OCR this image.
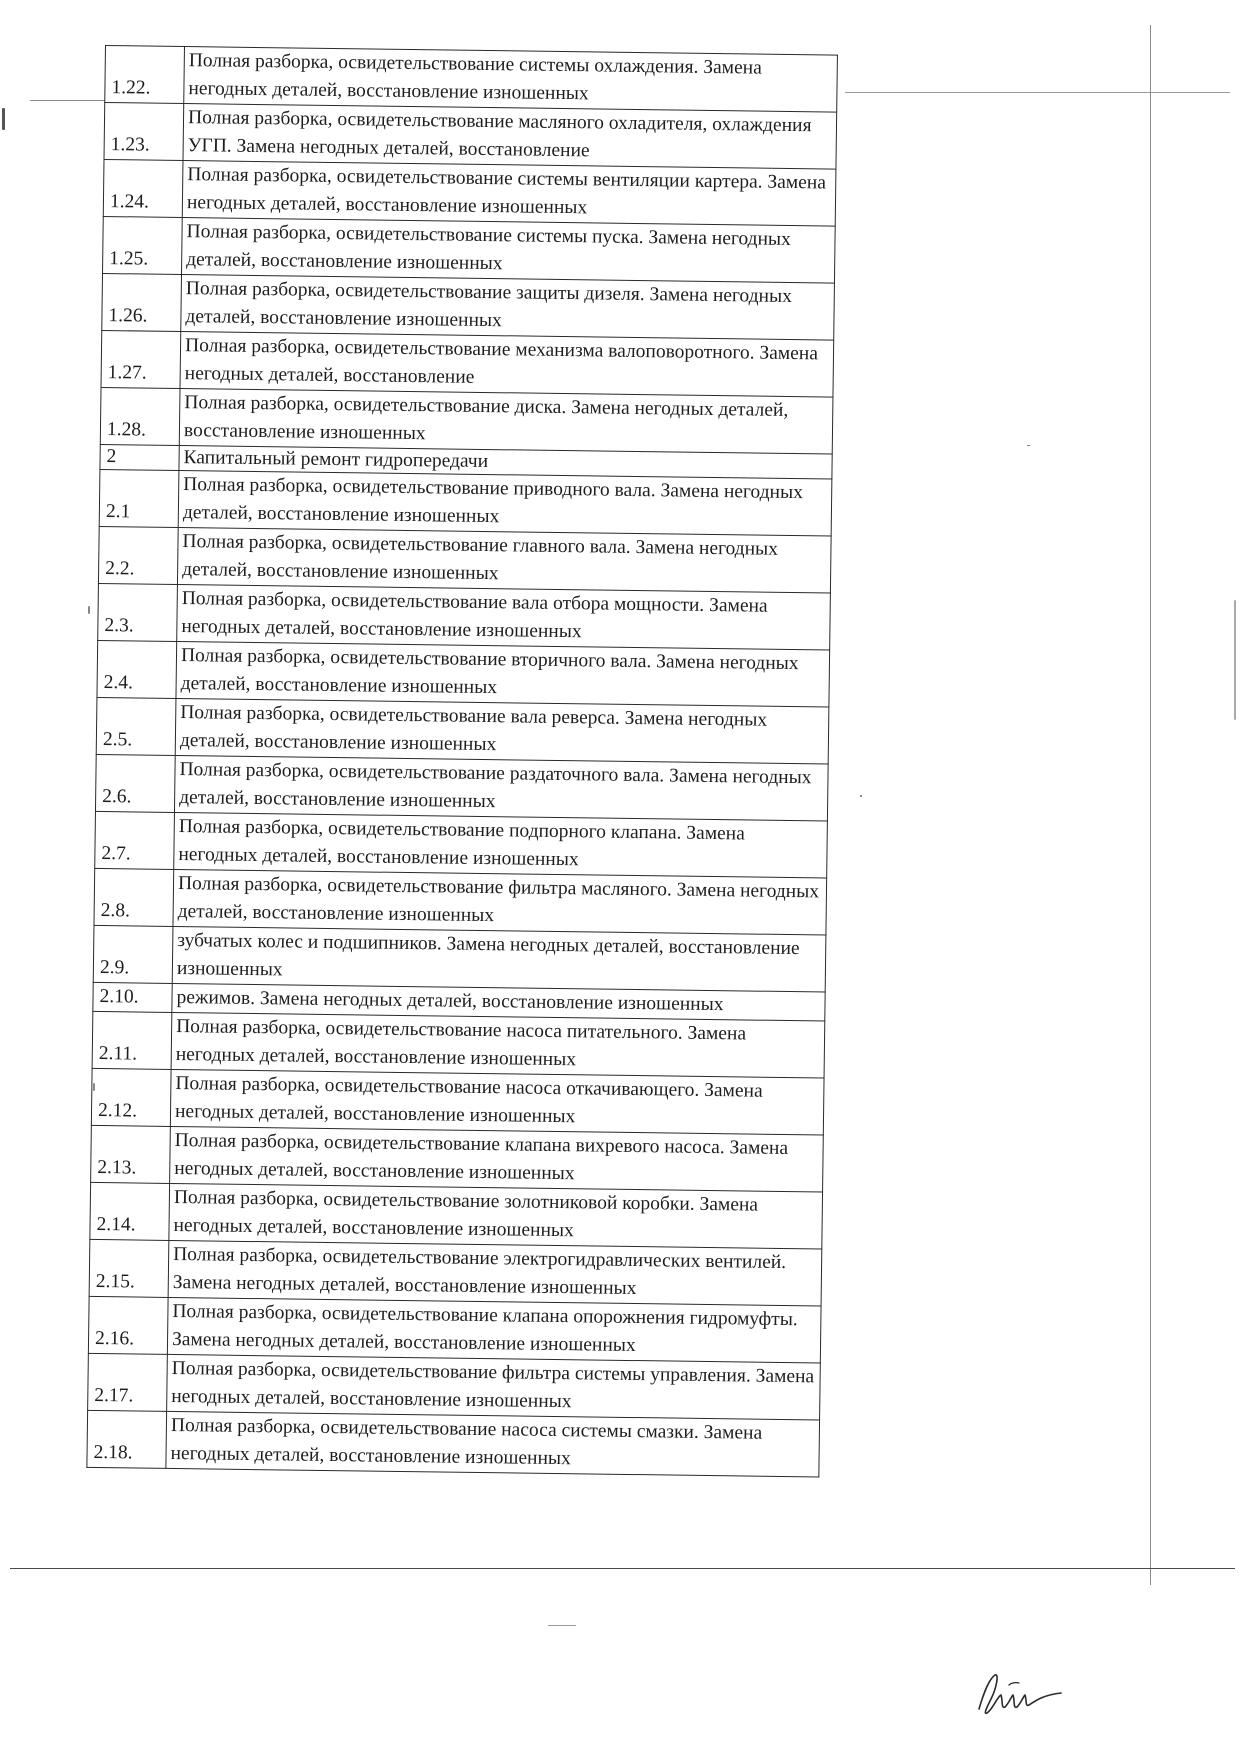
1.22.	Полная разборка, освидетельствование системы охлаждения. Замена негодных деталей, восстановление изношенных
1.23.	Полная разборка, освидетельствование масляного охладителя, охлаждения УГП. Замена негодных деталей, восстановление
1.24.	Полная разборка, освидетельствование системы вентиляции картера. Замена негодных деталей, восстановление изношенных
1.25.	Полная разборка, освидетельствование системы пуска. Замена негодных деталей, восстановление изношенных
1.26.	Полная разборка, освидетельствование защиты дизеля. Замена негодных деталей, восстановление изношенных
1.27.	Полная разборка, освидетельствование механизма валоповоротного. Замена негодных деталей, восстановление
1.28.	Полная разборка, освидетельствование диска. Замена негодных деталей, восстановление изношенных
2	Капитальный ремонт гидропередачи
2.1	Полная разборка, освидетельствование приводного вала. Замена негодных деталей, восстановление изношенных
2.2.	Полная разборка, освидетельствование главного вала. Замена негодных деталей, восстановление изношенных
2.3.	Полная разборка, освидетельствование вала отбора мощности. Замена негодных деталей, восстановление изношенных
2.4.	Полная разборка, освидетельствование вторичного вала. Замена негодных деталей, восстановление изношенных
2.5.	Полная разборка, освидетельствование вала реверса. Замена негодных деталей, восстановление изношенных
2.6.	Полная разборка, освидетельствование раздаточного вала. Замена негодных деталей, восстановление изношенных
2.7.	Полная разборка, освидетельствование подпорного клапана. Замена негодных деталей, восстановление изношенных
2.8.	Полная разборка, освидетельствование фильтра масляного. Замена негодных деталей, восстановление изношенных
2.9.	зубчатых колес и подшипников. Замена негодных деталей, восстановление изношенных
2.10.	режимов. Замена негодных деталей, восстановление изношенных
2.11.	Полная разборка, освидетельствование насоса питательного. Замена негодных деталей, восстановление изношенных
2.12.	Полная разборка, освидетельствование насоса откачивающего. Замена негодных деталей, восстановление изношенных
2.13.	Полная разборка, освидетельствование клапана вихревого насоса. Замена негодных деталей, восстановление изношенных
2.14.	Полная разборка, освидетельствование золотниковой коробки. Замена негодных деталей, восстановление изношенных
2.15.	Полная разборка, освидетельствование электрогидравлических вентилей. Замена негодных деталей, восстановление изношенных
2.16.	Полная разборка, освидетельствование клапана опорожнения гидромуфты. Замена негодных деталей, восстановление изношенных
2.17.	Полная разборка, освидетельствование фильтра системы управления. Замена негодных деталей, восстановление изношенных
2.18.	Полная разборка, освидетельствование насоса системы смазки. Замена негодных деталей, восстановление изношенных
